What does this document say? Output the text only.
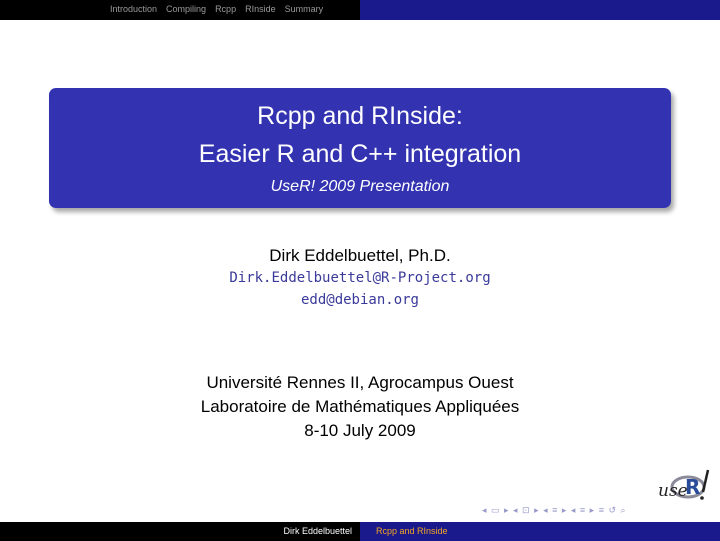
Introduction Compiling Rcpp RInside Summary
Rcpp and RInside:
Easier R and C++ integration
UseR! 2009 Presentation
Dirk Eddelbuettel, Ph.D.
Dirk.Eddelbuettel@R-Project.org
edd@debian.org
Université Rennes II, Agrocampus Ouest
Laboratoire de Mathématiques Appliquées
8-10 July 2009
use
R
◂ ▭ ▸ ◂ ⊡ ▸ ◂ ≡ ▸ ◂ ≡ ▸ ≡ ↺ ⌕
Dirk Eddelbuettel	Rcpp and RInside
